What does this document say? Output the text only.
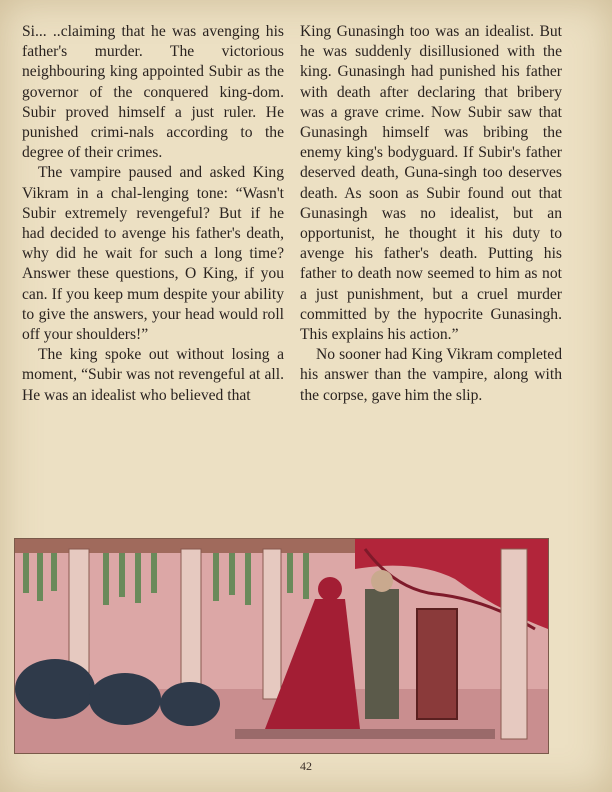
Si... ..claiming that he was avenging his father's murder. The victorious neighbouring king appointed Subir as the governor of the conquered king-dom. Subir proved himself a just ruler. He punished crimi-nals according to the degree of their crimes.

The vampire paused and asked King Vikram in a chal-lenging tone: “Wasn't Subir extremely revengeful? But if he had decided to avenge his father's death, why did he wait for such a long time? Answer these questions, O King, if you can. If you keep mum despite your ability to give the answers, your head would roll off your shoulders!”

The king spoke out without losing a moment, “Subir was not revengeful at all. He was an idealist who believed that

King Gunasingh too was an idealist. But he was suddenly disillusioned with the king. Gunasingh had punished his father with death after declaring that bribery was a grave crime. Now Subir saw that Gunasingh himself was bribing the enemy king's bodyguard. If Subir's father deserved death, Guna-singh too deserves death. As soon as Subir found out that Gunasingh was no idealist, but an opportunist, he thought it his duty to avenge his father's death. Putting his father to death now seemed to him as not a just punishment, but a cruel murder committed by the hypocrite Gunasingh. This explains his action.”

No sooner had King Vikram completed his answer than the vampire, along with the corpse, gave him the slip.

42
